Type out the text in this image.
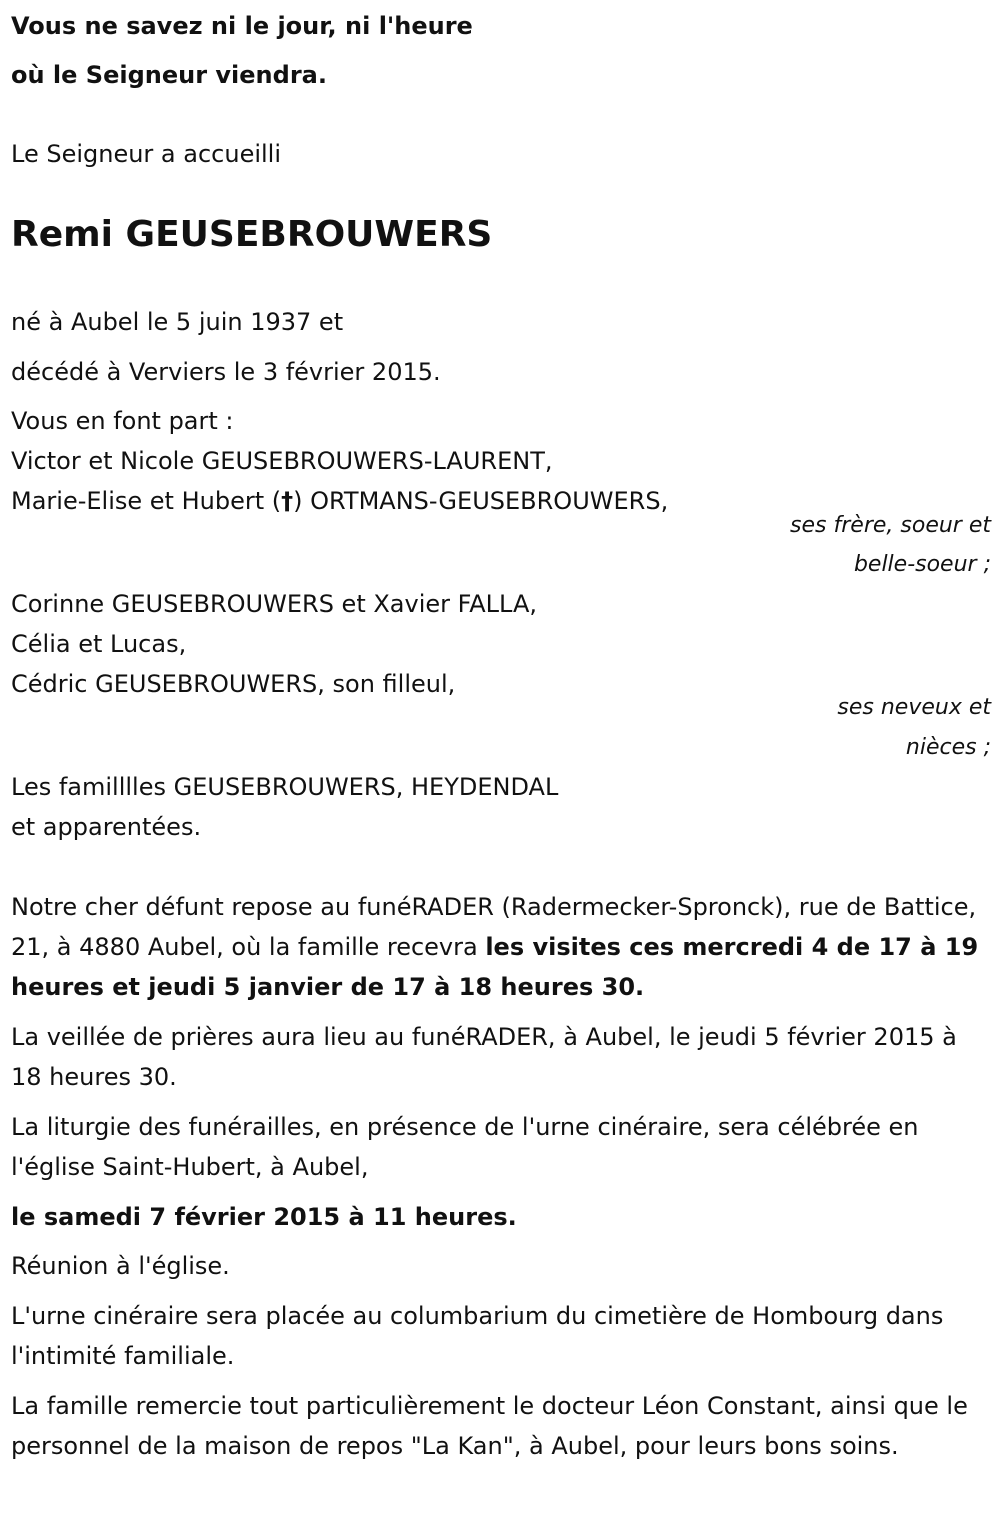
Vous ne savez ni le jour, ni l'heure
où le Seigneur viendra.
Le Seigneur a accueilli
Remi GEUSEBROUWERS
né à Aubel le 5 juin 1937 et
décédé à Verviers le 3 février 2015.
Vous en font part :
Victor et Nicole GEUSEBROUWERS-LAURENT,
Marie-Elise et Hubert (†) ORTMANS-GEUSEBROUWERS,
ses frère, soeur et
belle-soeur ;
Corinne GEUSEBROUWERS et Xavier FALLA,
Célia et Lucas,
Cédric GEUSEBROUWERS, son filleul,
ses neveux et
nièces ;
Les familllles GEUSEBROUWERS, HEYDENDAL
et apparentées.
Notre cher défunt repose au funéRADER (Radermecker-Spronck), rue de Battice, 21, à 4880 Aubel, où la famille recevra les visites ces mercredi 4 de 17 à 19 heures et jeudi 5 janvier de 17 à 18 heures 30.
La veillée de prières aura lieu au funéRADER, à Aubel, le jeudi 5 février 2015 à 18 heures 30.
La liturgie des funérailles, en présence de l'urne cinéraire, sera célébrée en l'église Saint-Hubert, à Aubel,
le samedi 7 février 2015 à 11 heures.
Réunion à l'église.
L'urne cinéraire sera placée au columbarium du cimetière de Hombourg dans l'intimité familiale.
La famille remercie tout particulièrement le docteur Léon Constant, ainsi que le personnel de la maison de repos "La Kan", à Aubel, pour leurs bons soins.
